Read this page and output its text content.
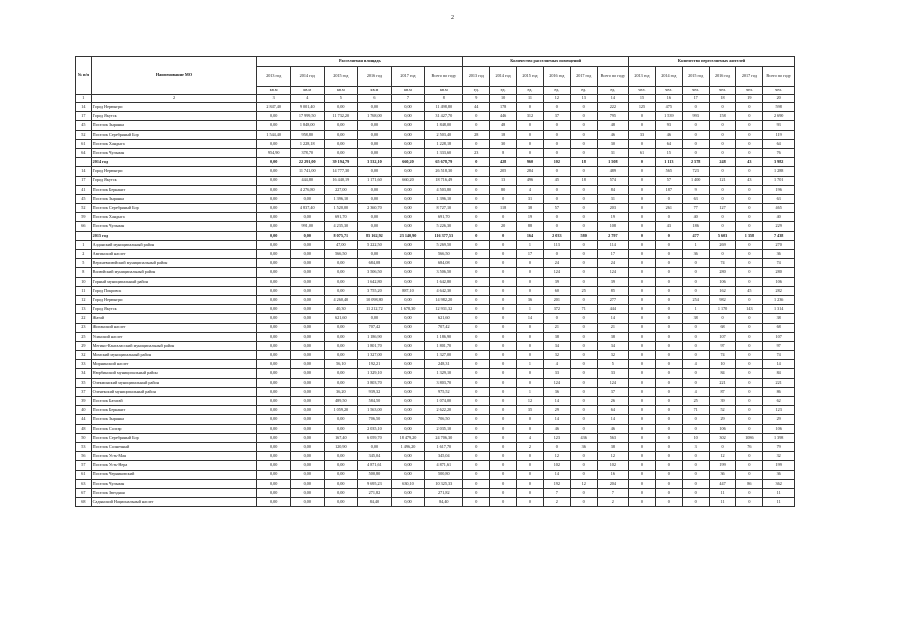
2
№ п/п	Наименование МО	Расселяемая площадь						Количество расселяемых помещений						Количество переселяемых жителей					
		2013 год	2014 год	2015 год	2016 год	2017 год	Всего по году	2013 год	2014 год	2015 год	2016 год	2017 год	Всего по году	2013 год	2014 год	2015 год	2016 год	2017 год	Всего по году
		кв.м	кв.м	кв.м	кв.м	кв.м	кв.м	ед.	ед.	ед.	ед.	ед.	ед.	чел.	чел.	чел.	чел.	чел.	чел.
1	2	3	4	5	6	7	8	9	10	11	12	13	14	15	16	17	18	19	20
14	Город Нерюнгри	2 847,40	9 001,40	0,00	0,00	0,00	11 498,80	44	178	0	0	0	222	125	475	0	0	0	598
17	Город Якутск	0,00	17 999,50	11 732,20	1 768,00	0,00	31 427,70	0	446	312	37	0	795	0	1 539	993	158	0	2 690
45	Поселок Зырянка	0,00	1 848,00	0,00	0,00	0,00	1 848,00	0	48	0	0	0	48	0	93	0	0	0	93
52	Поселок Серебряный Бор	1 544,40	958,80	0,00	0,00	0,00	2 503,40	28	18	0	0	0	46	33	46	0	0	0	119
61	Поселок Хандыга	0,00	1 228,18	0,00	0,00	0,00	1 228,18	0	30	0	0	0	30	0	64	0	0	0	64
64	Поселок Чульман	954,90	378,70	0,00	0,00	0,00	1 333,60	23	8	0	0	0	31	61	15	0	0	0	76
	2014 год	0,00	22 291,00	39 194,79	3 532,10	660,20	65 678,79	0	428	960	102	18	1 508	0	1 113	2 578	248	43	3 982
14	Город Нерюнгри	0,00	11 741,00	14 777,30	0,00	0,00	26 518,30	0	205	284	0	0	489	0	565	723	0	0	1 288
17	Город Якутск	0,00	444,80	16 440,19	1 171,60	660,20	18 716,49	0	13	496	45	18	574	0	57	1 400	121	43	1 701
41	Поселок Беркакит	0,00	4 276,80	227,00	0,00	0,00	4 503,80	0	80	4	0	0	84	0	187	9	0	0	196
45	Поселок Зырянка	0,00	0,00	1 396,10	0,00	0,00	1 396,10	0	0	31	0	0	31	0	0	63	0	0	63
52	Поселок Серебряный Бор	0,00	4 837,40	1 520,00	2 360,70	0,00	8 727,10	0	118	38	57	0	203	0	261	77	127	0	465
59	Поселок Хандыга	0,00	0,00	691,70	0,00	0,00	691,70	0	0	19	0	0	19	0	0	40	0	0	40
66	Поселок Чульман	0,00	991,00	4 235,30	0,00	0,00	5 226,30	0	20	88	0	0	108	0	43	186	0	0	229
	2015 год	0,00	0,00	8 075,71	85 162,92	23 140,90	116 377,53	0	0	164	2 033	580	2 797	0	0	477	5 603	1 358	7 438
1	Алданский муниципальный район	0,00	0,00	47,00	5 222,50	0,00	5 269,50	0	0	1	113	0	114	0	0	1	269	0	270
2	Амгинский наслег	0,00	0,00	566,50	0,00	0,00	566,50	0	0	17	0	0	17	0	0	36	0	0	36
5	Верхневилюйский муниципальный район	0,00	0,00	0,00	684,08	0,00	684,08	0	0	0	24	0	24	0	0	0	74	0	74
8	Вилюйский муниципальный район	0,00	0,00	0,00	3 506,50	0,00	3 506,50	0	0	0	124	0	124	0	0	0	280	0	280
10	Горный муниципальный район	0,00	0,00	0,00	1 642,80	0,00	1 642,80	0	0	0	39	0	39	0	0	0	106	0	106
11	Город Покровск	0,00	0,00	0,00	3 755,20	887,10	4 642,30	0	0	0	60	25	85	0	0	0	162	45	282
12	Город Нерюнгри	0,00	0,00	4 260,40	10 098,80	0,00	14 982,20	0	0	36	201	0	277	0	0	254	982	0	1 236
13	Город Якутск	0,00	0,00	40,30	11 212,72	1 678,30	12 931,32	0	0	1	372	71	444	0	0	1	1 170	143	1 314
22	Жатай	0,00	0,00	621,60	0,00	0,00	621,60	0	0	14	0	0	14	0	0	38	0	0	38
23	Жиганский наслег	0,00	0,00	0,00	707,42	0,00	707,42	0	0	0	21	0	21	0	0	0	68	0	68
25	Усинский наслег	0,00	0,00	0,00	1 186,90	0,00	1 186,90	0	0	0	38	0	38	0	0	0	107	0	107
29	Мегино-Кангаласский муниципальный район	0,00	0,00	0,00	1 801,70	0,00	1 801,70	0	0	0	34	0	34	0	0	0	97	0	97
32	Момский муниципальный район	0,00	0,00	0,00	1 327,00	0,00	1 327,00	0	0	0	32	0	32	0	0	0	74	0	74
33	Мирнинский наслег	0,00	0,00	56,10	192,21	0,00	248,31	0	0	1	4	0	5	0	0	4	10	0	14
34	Нюрбинский муниципальный район	0,00	0,00	0,00	1 329,10	0,00	1 329,10	0	0	0	33	0	33	0	0	0	84	0	84
35	Олекминский муниципальный район	0,00	0,00	0,00	3 803,70	0,00	3 803,70	0	0	0	124	0	124	0	0	0	221	0	221
37	Оленекский муниципальный район	0,00	0,00	36,20	939,32	0,00	975,52	0	0	1	36	0	37	0	0	4	87	0	86
39	Поселок Батагай	0,00	0,00	489,50	584,50	0,00	1 074,00	0	0	12	14	0	26	0	0	25	39	0	62
40	Поселок Беркакит	0,00	0,00	1 059,20	1 563,00	0,00	2 622,20	0	0	35	29	0	64	0	0	71	52	0	123
44	Поселок Зырянка	0,00	0,00	0,00	706,50	0,00	706,50	0	0	0	14	0	14	0	0	0	29	0	29
48	Поселок Солгар	0,00	0,00	0,00	2 035,10	0,00	2 035,10	0	0	0	46	0	46	0	0	0	106	0	106
50	Поселок Серебряный Бор	0,00	0,00	167,40	6 059,70	18 479,20	24 706,30	0	0	4	123	436	563	0	0	10	302	1086	1 398
53	Поселок Солнечный	0,00	0,00	120,90	0,00	1 496,20	1 617,70	0	0	2	0	36	38	0	0	3	0	76	79
56	Поселок Усть-Мая	0,00	0,00	0,00	345,04	0,00	345,04	0	0	0	12	0	12	0	0	0	12	0	32
57	Поселок Усть-Нера	0,00	0,00	0,00	4 871,61	0,00	4 871,61	0	0	0	102	0	102	0	0	0	199	0	199
61	Поселок Черниковский	0,00	0,00	0,00	500,80	0,00	500,80	0	0	0	14	0	16	0	0	0	36	0	36
63	Поселок Чульман	0,00	0,00	0,00	9 695,23	630,10	10 325,33	0	0	0	192	12	204	0	0	0	447	86	362
67	Поселок Звездная	0,00	0,00	0,00	271,82	0,00	271,82	0	0	0	7	0	7	0	0	0	11	0	11
68	Садынский Национальный наслег	0,00	0,00	0,00	84,40	0,00	84,40	0	0	0	2	0	2	0	0	0	11	0	11
